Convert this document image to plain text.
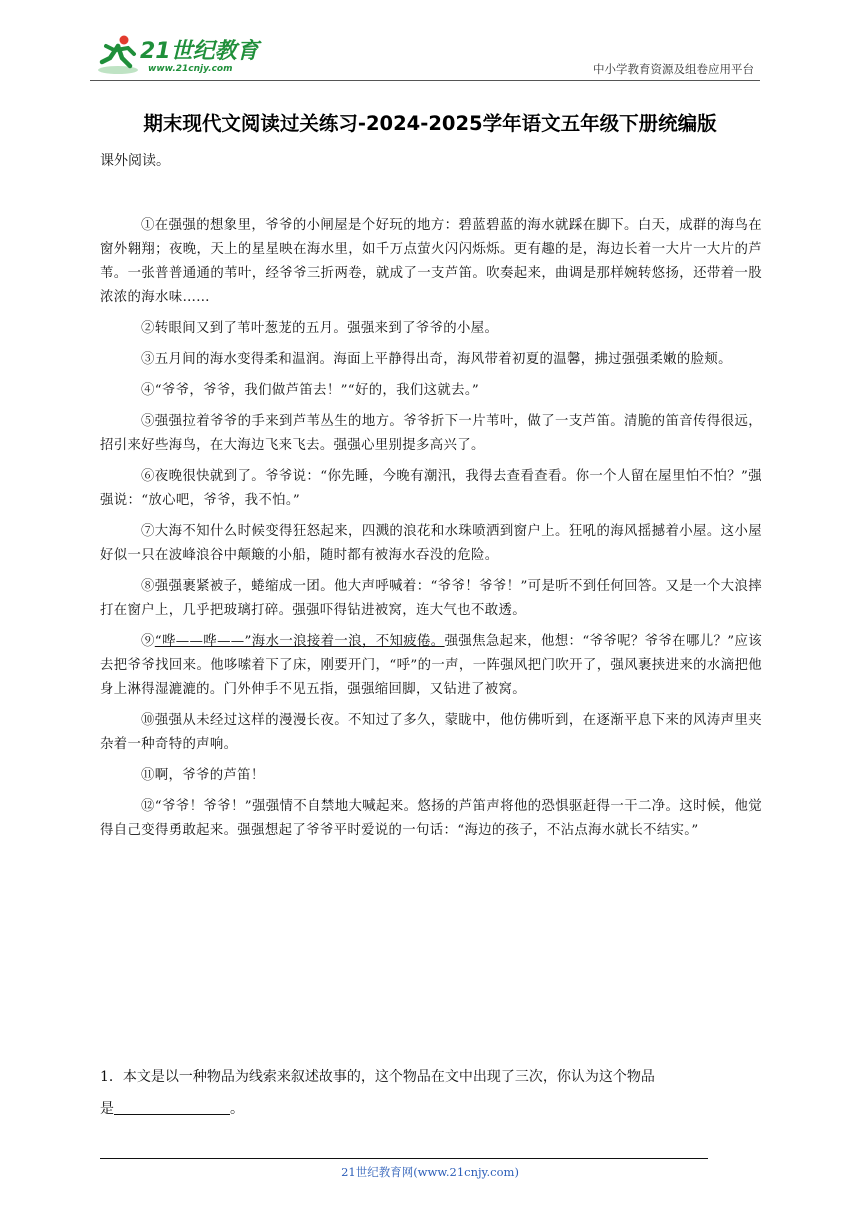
21世纪教育
www.21cnjy.com	中小学教育资源及组卷应用平台
期末现代文阅读过关练习-2024-2025学年语文五年级下册统编版
课外阅读。

①在强强的想象里，爷爷的小闸屋是个好玩的地方：碧蓝碧蓝的海水就踩在脚下。白天，成群的海鸟在窗外翱翔；夜晚，天上的星星映在海水里，如千万点萤火闪闪烁烁。更有趣的是，海边长着一大片一大片的芦苇。一张普普通通的苇叶，经爷爷三折两卷，就成了一支芦笛。吹奏起来，曲调是那样婉转悠扬，还带着一股浓浓的海水味……

②转眼间又到了苇叶葱茏的五月。强强来到了爷爷的小屋。

③五月间的海水变得柔和温润。海面上平静得出奇，海风带着初夏的温馨，拂过强强柔嫩的脸颊。

④“爷爷，爷爷，我们做芦笛去！”“好的，我们这就去。”

⑤强强拉着爷爷的手来到芦苇丛生的地方。爷爷折下一片苇叶，做了一支芦笛。清脆的笛音传得很远，招引来好些海鸟，在大海边飞来飞去。强强心里别提多高兴了。

⑥夜晚很快就到了。爷爷说：“你先睡，今晚有潮汛，我得去查看查看。你一个人留在屋里怕不怕？”强强说：“放心吧，爷爷，我不怕。”

⑦大海不知什么时候变得狂怒起来，四溅的浪花和水珠喷洒到窗户上。狂吼的海风摇撼着小屋。这小屋好似一只在波峰浪谷中颠簸的小船，随时都有被海水吞没的危险。

⑧强强裹紧被子，蜷缩成一团。他大声呼喊着：“爷爷！爷爷！”可是听不到任何回答。又是一个大浪摔打在窗户上，几乎把玻璃打碎。强强吓得钻进被窝，连大气也不敢透。

⑨“哗——哗——”海水一浪接着一浪，不知疲倦。强强焦急起来，他想：“爷爷呢？爷爷在哪儿？”应该去把爷爷找回来。他哆嗦着下了床，刚要开门，“呼”的一声，一阵强风把门吹开了，强风裹挟进来的水滴把他身上淋得湿漉漉的。门外伸手不见五指，强强缩回脚，又钻进了被窝。

⑩强强从未经过这样的漫漫长夜。不知过了多久，蒙眬中，他仿佛听到，在逐渐平息下来的风涛声里夹杂着一种奇特的声响。

⑪啊，爷爷的芦笛！

⑫“爷爷！爷爷！”强强情不自禁地大喊起来。悠扬的芦笛声将他的恐惧驱赶得一干二净。这时候，他觉得自己变得勇敢起来。强强想起了爷爷平时爱说的一句话：“海边的孩子，不沾点海水就长不结实。”

1．本文是以一种物品为线索来叙述故事的，这个物品在文中出现了三次，你认为这个物品
是	。
21世纪教育网(www.21cnjy.com)
